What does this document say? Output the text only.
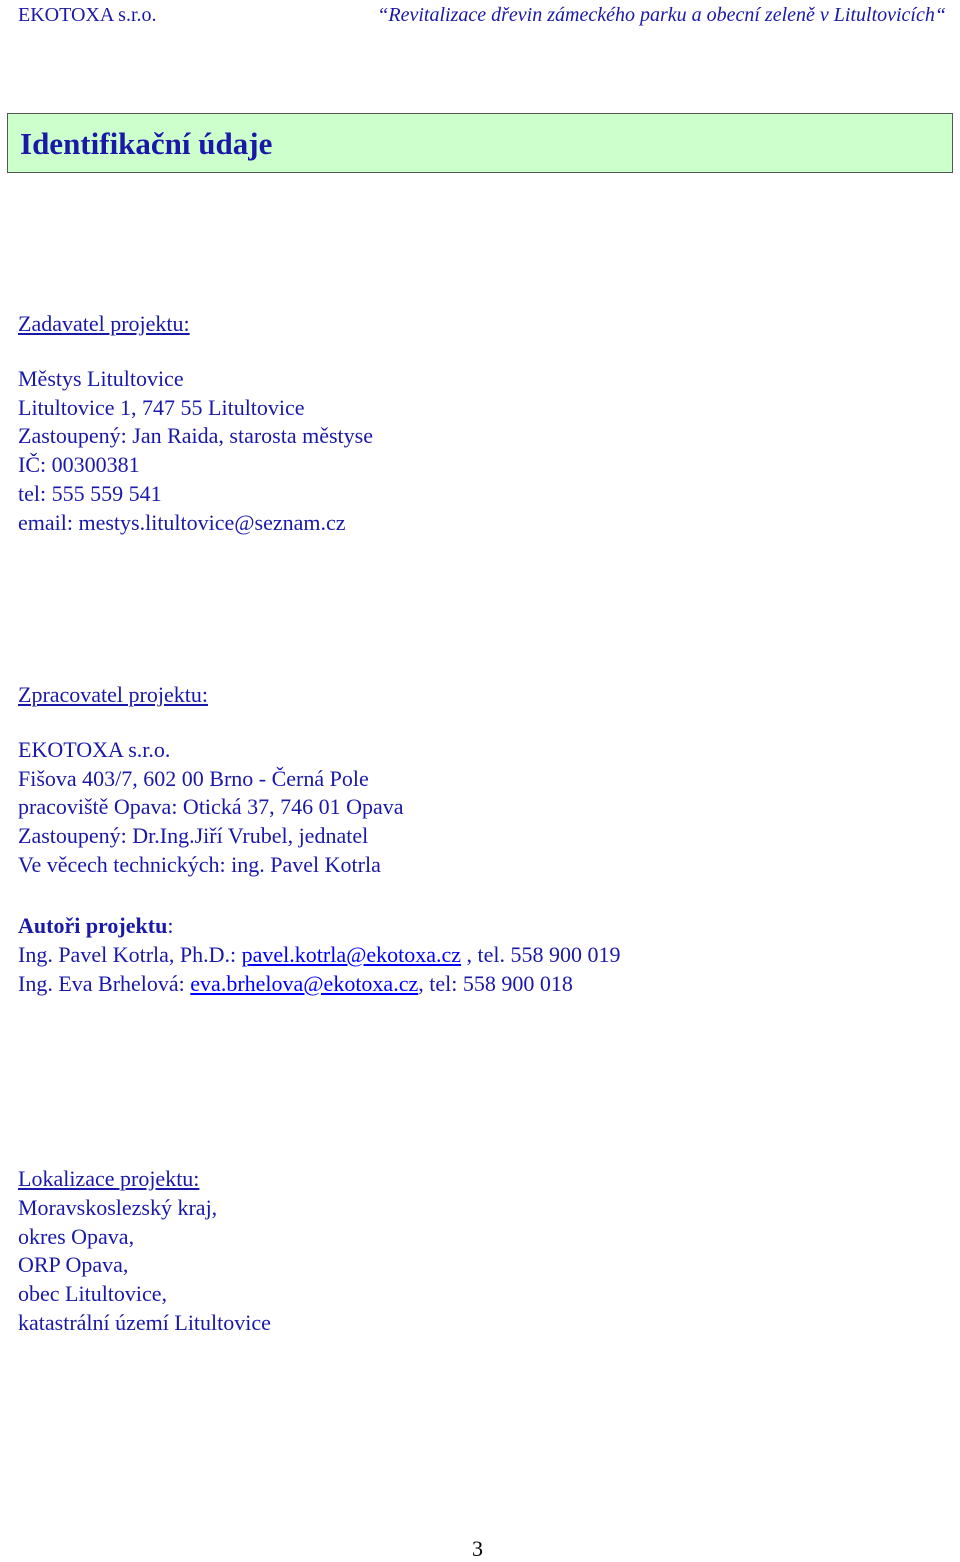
EKOTOXA s.r.o.	“Revitalizace dřevin zámeckého parku a obecní zeleně v Litultovicích“
Identifikační údaje
Zadavatel projektu:
Městys Litultovice
Litultovice 1, 747 55 Litultovice
Zastoupený: Jan Raida, starosta městyse
IČ: 00300381
tel: 555 559 541
email: mestys.litultovice@seznam.cz
Zpracovatel projektu:
EKOTOXA s.r.o.
Fišova 403/7, 602 00 Brno - Černá Pole
pracoviště Opava: Otická 37, 746 01 Opava
Zastoupený: Dr.Ing.Jiří Vrubel, jednatel
Ve věcech technických: ing. Pavel Kotrla
Autoři projektu:
Ing. Pavel Kotrla, Ph.D.: pavel.kotrla@ekotoxa.cz , tel. 558 900 019
Ing. Eva Brhelová: eva.brhelova@ekotoxa.cz, tel: 558 900 018
Lokalizace projektu:
Moravskoslezský kraj,
okres Opava,
ORP Opava,
obec Litultovice,
katastrální území Litultovice
3
